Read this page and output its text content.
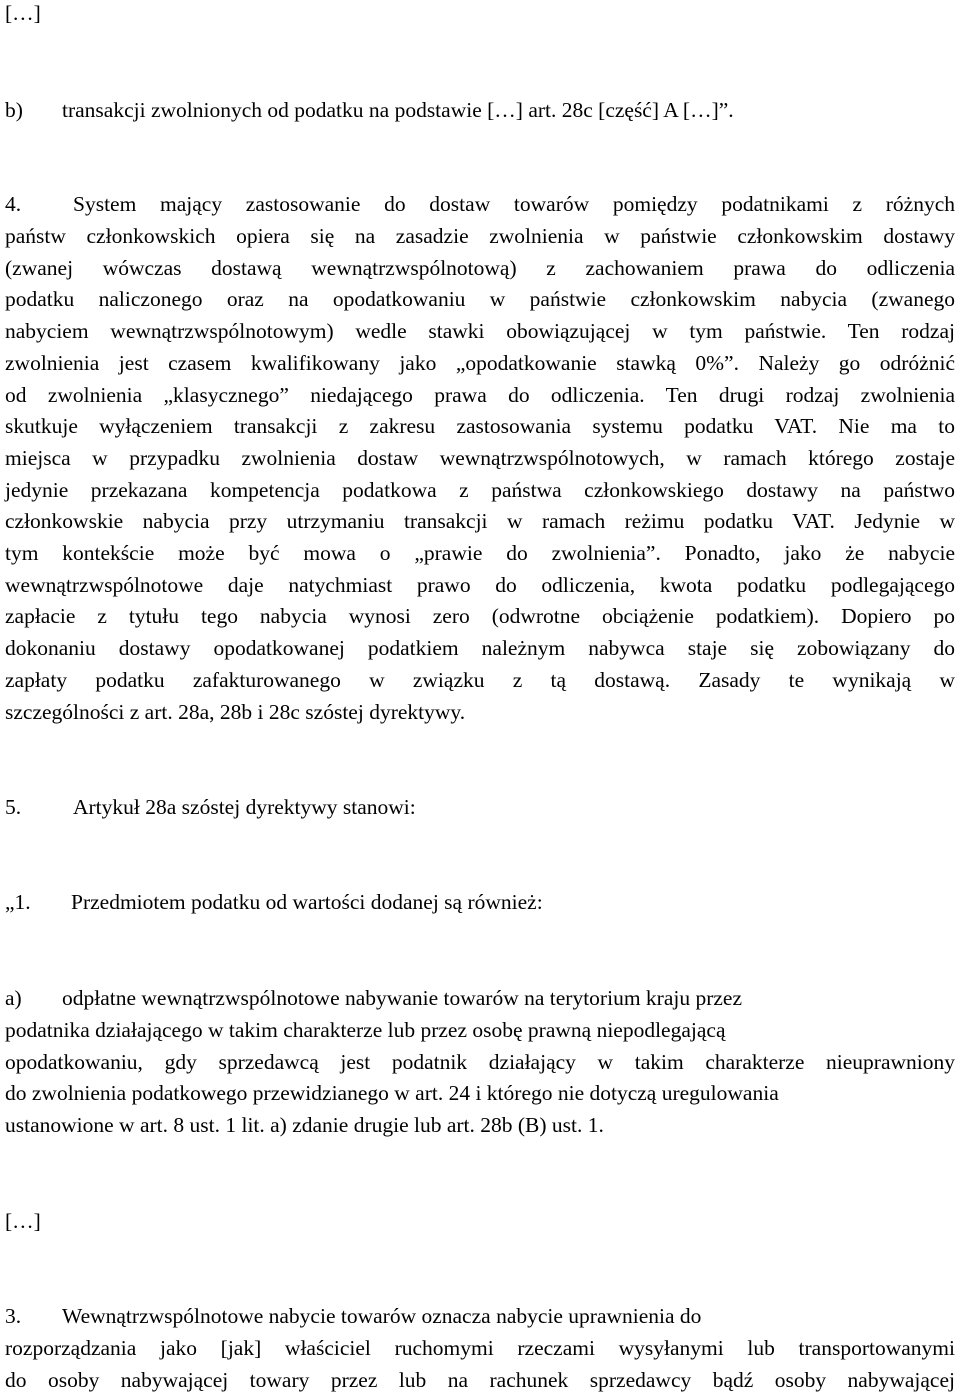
[…]
b) transakcji zwolnionych od podatku na podstawie […] art. 28c [część] A […]”.
4. System mający zastosowanie do dostaw towarów pomiędzy podatnikami z różnych
państw członkowskich opiera się na zasadzie zwolnienia w państwie członkowskim dostawy
(zwanej wówczas dostawą wewnątrzwspólnotową) z zachowaniem prawa do odliczenia
podatku naliczonego oraz na opodatkowaniu w państwie członkowskim nabycia (zwanego
nabyciem wewnątrzwspólnotowym) wedle stawki obowiązującej w tym państwie. Ten rodzaj
zwolnienia jest czasem kwalifikowany jako „opodatkowanie stawką 0%”. Należy go odróżnić
od zwolnienia „klasycznego” niedającego prawa do odliczenia. Ten drugi rodzaj zwolnienia
skutkuje wyłączeniem transakcji z zakresu zastosowania systemu podatku VAT. Nie ma to
miejsca w przypadku zwolnienia dostaw wewnątrzwspólnotowych, w ramach którego zostaje
jedynie przekazana kompetencja podatkowa z państwa członkowskiego dostawy na państwo
członkowskie nabycia przy utrzymaniu transakcji w ramach reżimu podatku VAT. Jedynie w
tym kontekście może być mowa o „prawie do zwolnienia”. Ponadto, jako że nabycie
wewnątrzwspólnotowe daje natychmiast prawo do odliczenia, kwota podatku podlegającego
zapłacie z tytułu tego nabycia wynosi zero (odwrotne obciążenie podatkiem). Dopiero po
dokonaniu dostawy opodatkowanej podatkiem należnym nabywca staje się zobowiązany do
zapłaty podatku zafakturowanego w związku z tą dostawą. Zasady te wynikają w
szczególności z art. 28a, 28b i 28c szóstej dyrektywy.
5. Artykuł 28a szóstej dyrektywy stanowi:
„1. Przedmiotem podatku od wartości dodanej są również:
a) odpłatne wewnątrzwspólnotowe nabywanie towarów na terytorium kraju przez
podatnika działającego w takim charakterze lub przez osobę prawną niepodlegającą
opodatkowaniu, gdy sprzedawcą jest podatnik działający w takim charakterze nieuprawniony
do zwolnienia podatkowego przewidzianego w art. 24 i którego nie dotyczą uregulowania
ustanowione w art. 8 ust. 1 lit. a) zdanie drugie lub art. 28b (B) ust. 1.
[…]
3. Wewnątrzwspólnotowe nabycie towarów oznacza nabycie uprawnienia do
rozporządzania jako [jak] właściciel ruchomymi rzeczami wysyłanymi lub transportowanymi
do osoby nabywającej towary przez lub na rachunek sprzedawcy bądź osoby nabywającej
